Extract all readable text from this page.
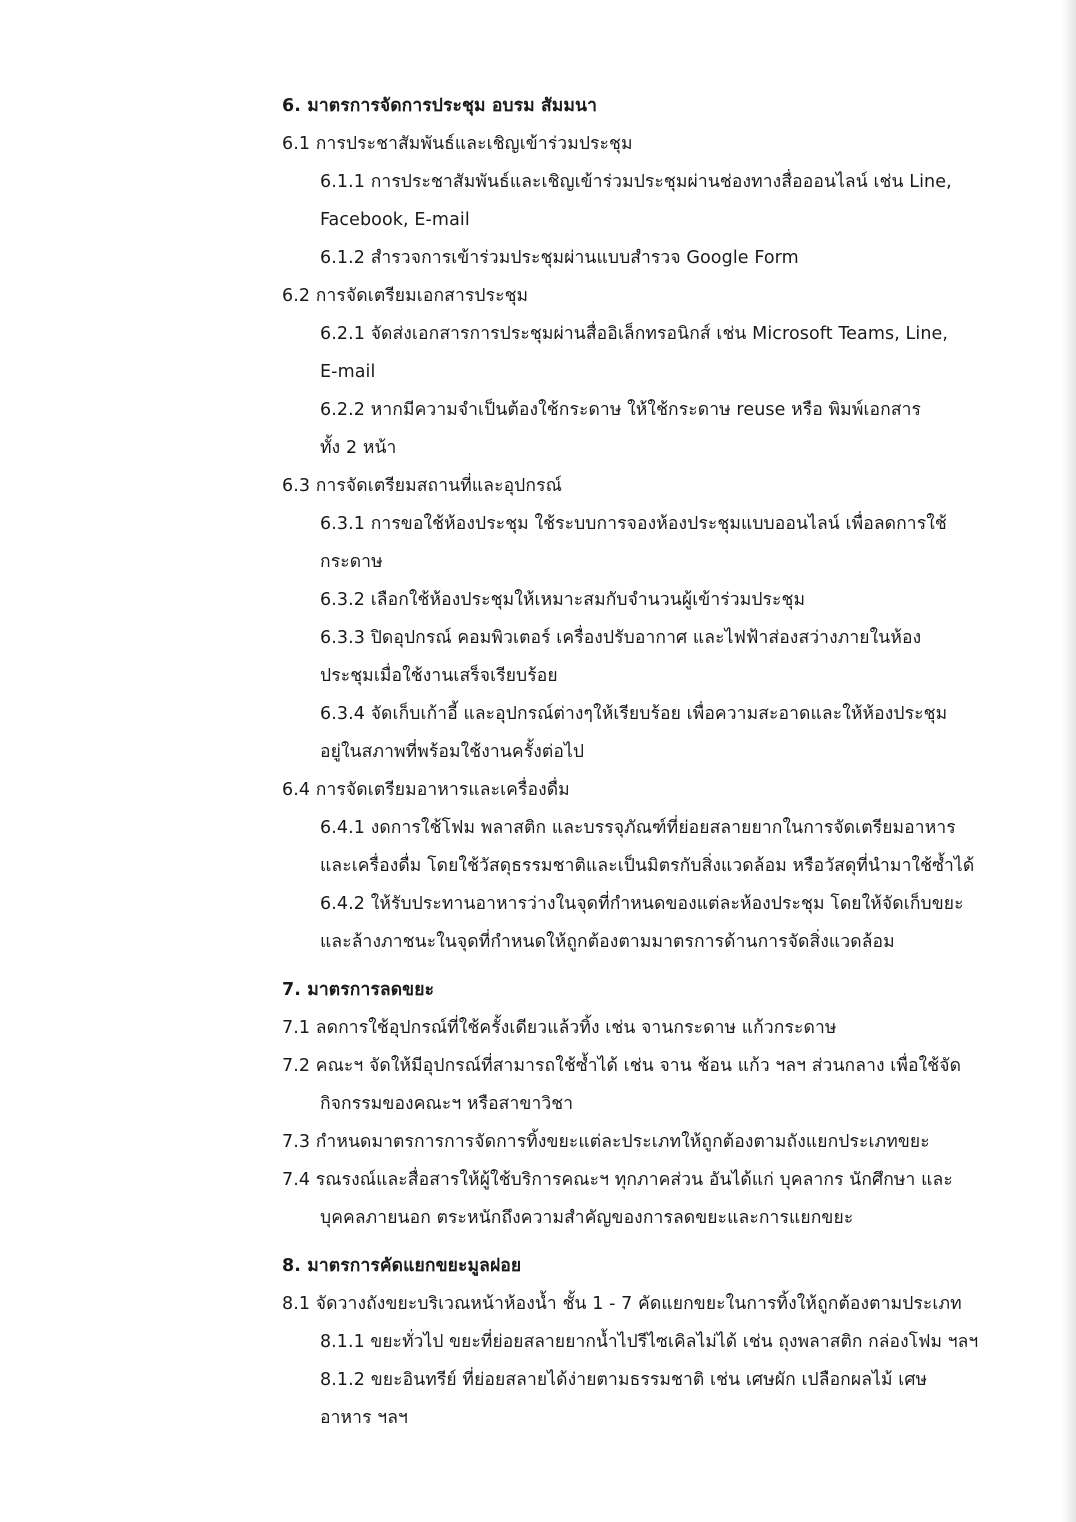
6. มาตรการจัดการประชุม อบรม สัมมนา
6.1 การประชาสัมพันธ์และเชิญเข้าร่วมประชุม
6.1.1 การประชาสัมพันธ์และเชิญเข้าร่วมประชุมผ่านช่องทางสื่อออนไลน์ เช่น Line,
Facebook, E-mail
6.1.2 สำรวจการเข้าร่วมประชุมผ่านแบบสำรวจ Google Form
6.2 การจัดเตรียมเอกสารประชุม
6.2.1 จัดส่งเอกสารการประชุมผ่านสื่ออิเล็กทรอนิกส์ เช่น Microsoft Teams, Line,
E-mail
6.2.2 หากมีความจำเป็นต้องใช้กระดาษ ให้ใช้กระดาษ reuse หรือ พิมพ์เอกสาร
ทั้ง 2 หน้า
6.3 การจัดเตรียมสถานที่และอุปกรณ์
6.3.1 การขอใช้ห้องประชุม ใช้ระบบการจองห้องประชุมแบบออนไลน์ เพื่อลดการใช้
กระดาษ
6.3.2 เลือกใช้ห้องประชุมให้เหมาะสมกับจำนวนผู้เข้าร่วมประชุม
6.3.3 ปิดอุปกรณ์ คอมพิวเตอร์ เครื่องปรับอากาศ และไฟฟ้าส่องสว่างภายในห้อง
ประชุมเมื่อใช้งานเสร็จเรียบร้อย
6.3.4 จัดเก็บเก้าอี้ และอุปกรณ์ต่างๆให้เรียบร้อย เพื่อความสะอาดและให้ห้องประชุม
อยู่ในสภาพที่พร้อมใช้งานครั้งต่อไป
6.4 การจัดเตรียมอาหารและเครื่องดื่ม
6.4.1 งดการใช้โฟม พลาสติก และบรรจุภัณฑ์ที่ย่อยสลายยากในการจัดเตรียมอาหาร
และเครื่องดื่ม โดยใช้วัสดุธรรมชาติและเป็นมิตรกับสิ่งแวดล้อม หรือวัสดุที่นำมาใช้ซ้ำได้
6.4.2 ให้รับประทานอาหารว่างในจุดที่กำหนดของแต่ละห้องประชุม โดยให้จัดเก็บขยะ
และล้างภาชนะในจุดที่กำหนดให้ถูกต้องตามมาตรการด้านการจัดสิ่งแวดล้อม
7. มาตรการลดขยะ
7.1 ลดการใช้อุปกรณ์ที่ใช้ครั้งเดียวแล้วทิ้ง เช่น จานกระดาษ แก้วกระดาษ
7.2 คณะฯ จัดให้มีอุปกรณ์ที่สามารถใช้ซ้ำได้ เช่น จาน ช้อน แก้ว ฯลฯ ส่วนกลาง เพื่อใช้จัด
กิจกรรมของคณะฯ หรือสาขาวิชา
7.3 กำหนดมาตรการการจัดการทิ้งขยะแต่ละประเภทให้ถูกต้องตามถังแยกประเภทขยะ
7.4 รณรงณ์และสื่อสารให้ผู้ใช้บริการคณะฯ ทุกภาคส่วน อันได้แก่ บุคลากร นักศึกษา และ
บุคคลภายนอก ตระหนักถึงความสำคัญของการลดขยะและการแยกขยะ
8. มาตรการคัดแยกขยะมูลฝอย
8.1 จัดวางถังขยะบริเวณหน้าห้องน้ำ ชั้น 1 - 7 คัดแยกขยะในการทิ้งให้ถูกต้องตามประเภท
8.1.1 ขยะทั่วไป ขยะที่ย่อยสลายยากน้ำไปรีไซเคิลไม่ได้ เช่น ถุงพลาสติก กล่องโฟม ฯลฯ
8.1.2 ขยะอินทรีย์ ที่ย่อยสลายได้ง่ายตามธรรมชาติ เช่น เศษผัก เปลือกผลไม้ เศษ
อาหาร ฯลฯ
